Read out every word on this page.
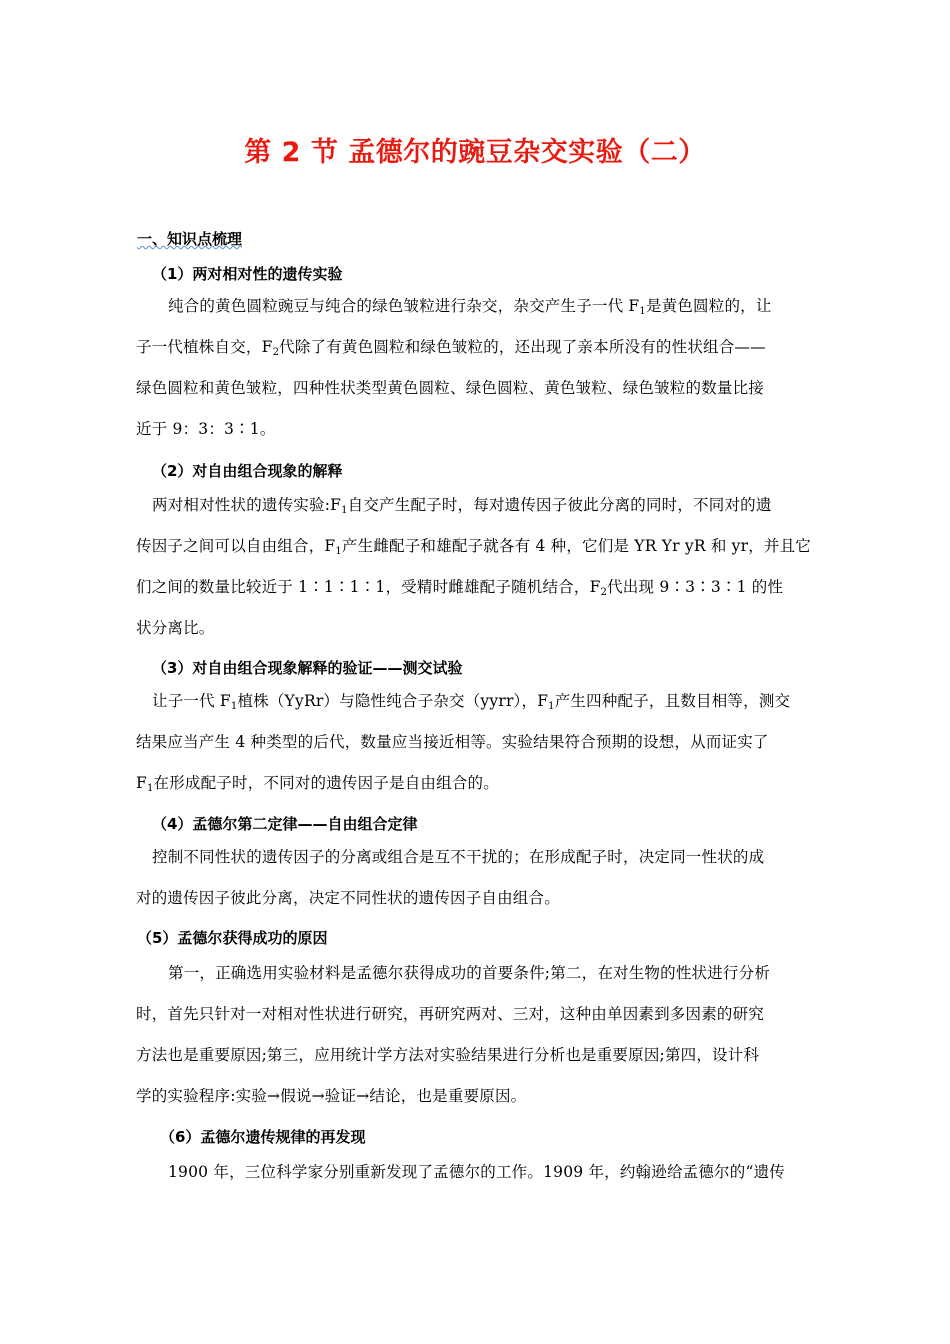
第 2 节 孟德尔的豌豆杂交实验（二）
一、知识点梳理
（1）两对相对性的遗传实验
纯合的黄色圆粒豌豆与纯合的绿色皱粒进行杂交，杂交产生子一代 $F_1$是黄色圆粒的，让
子一代植株自交，$F_2$代除了有黄色圆粒和绿色皱粒的，还出现了亲本所没有的性状组合——
绿色圆粒和黄色皱粒，四种性状类型黄色圆粒、绿色圆粒、黄色皱粒、绿色皱粒的数量比接
近于 9：3：3∶1。
（2）对自由组合现象的解释
两对相对性状的遗传实验$:F_1$自交产生配子时，每对遗传因子彼此分离的同时，不同对的遗
传因子之间可以自由组合，$F_1$产生雌配子和雄配子就各有 4 种，它们是 YR Yr yR 和 yr，并且它
们之间的数量比较近于 1∶1∶1∶1，受精时雌雄配子随机结合，$F_2$代出现 9∶3∶3∶1 的性
状分离比。
（3）对自由组合现象解释的验证——测交试验
让子一代 $F_1$植株（YyRr）与隐性纯合子杂交（yyrr），$F_1$产生四种配子，且数目相等，测交
结果应当产生 4 种类型的后代，数量应当接近相等。实验结果符合预期的设想，从而证实了
$F_1$在形成配子时，不同对的遗传因子是自由组合的。
（4）孟德尔第二定律——自由组合定律
控制不同性状的遗传因子的分离或组合是互不干扰的；在形成配子时，决定同一性状的成
对的遗传因子彼此分离，决定不同性状的遗传因子自由组合。
（5）孟德尔获得成功的原因
第一，正确选用实验材料是孟德尔获得成功的首要条件;第二，在对生物的性状进行分析
时，首先只针对一对相对性状进行研究，再研究两对、三对，这种由单因素到多因素的研究
方法也是重要原因;第三，应用统计学方法对实验结果进行分析也是重要原因;第四，设计科
学的实验程序:实验→假说→验证→结论，也是重要原因。
（6）孟德尔遗传规律的再发现
1900 年，三位科学家分别重新发现了孟德尔的工作。1909 年，约翰逊给孟德尔的“遗传
